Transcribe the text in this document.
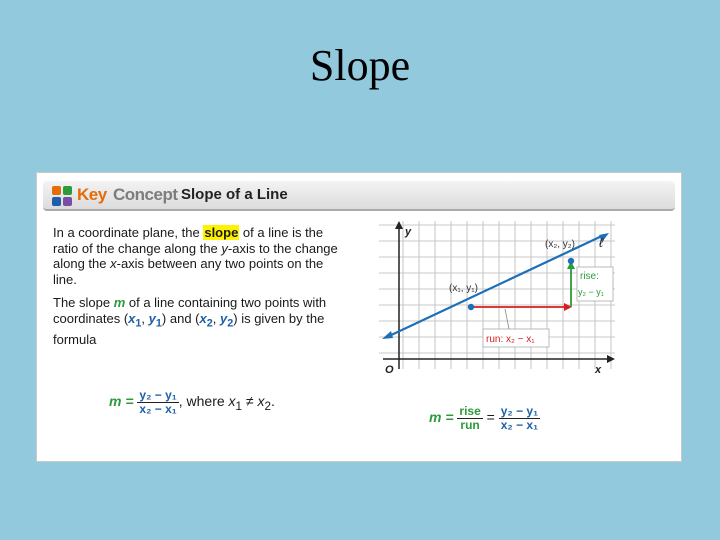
Slope
Key Concept Slope of a Line

In a coordinate plane, the slope of a line is the ratio of the change along the y-axis to the change along the x-axis between any two points on the line.

The slope m of a line containing two points with coordinates ($x_1$, $y_1$) and ($x_2$, $y_2$) is given by the formula

$m = \frac{\text{y₂ − y₁}}{\text{x₂ − x₁}}$ , where $x_1 \ne x_2$.
y
x
O
(x₁, y₁)
(x₂, y₂) ℓ
rise:
y₂ − y₁
run: x₂ − x₁
$m = \frac{\text{rise}}{\text{run}} = \frac{\text{y₂ − y₁}}{\text{x₂ − x₁}}$
